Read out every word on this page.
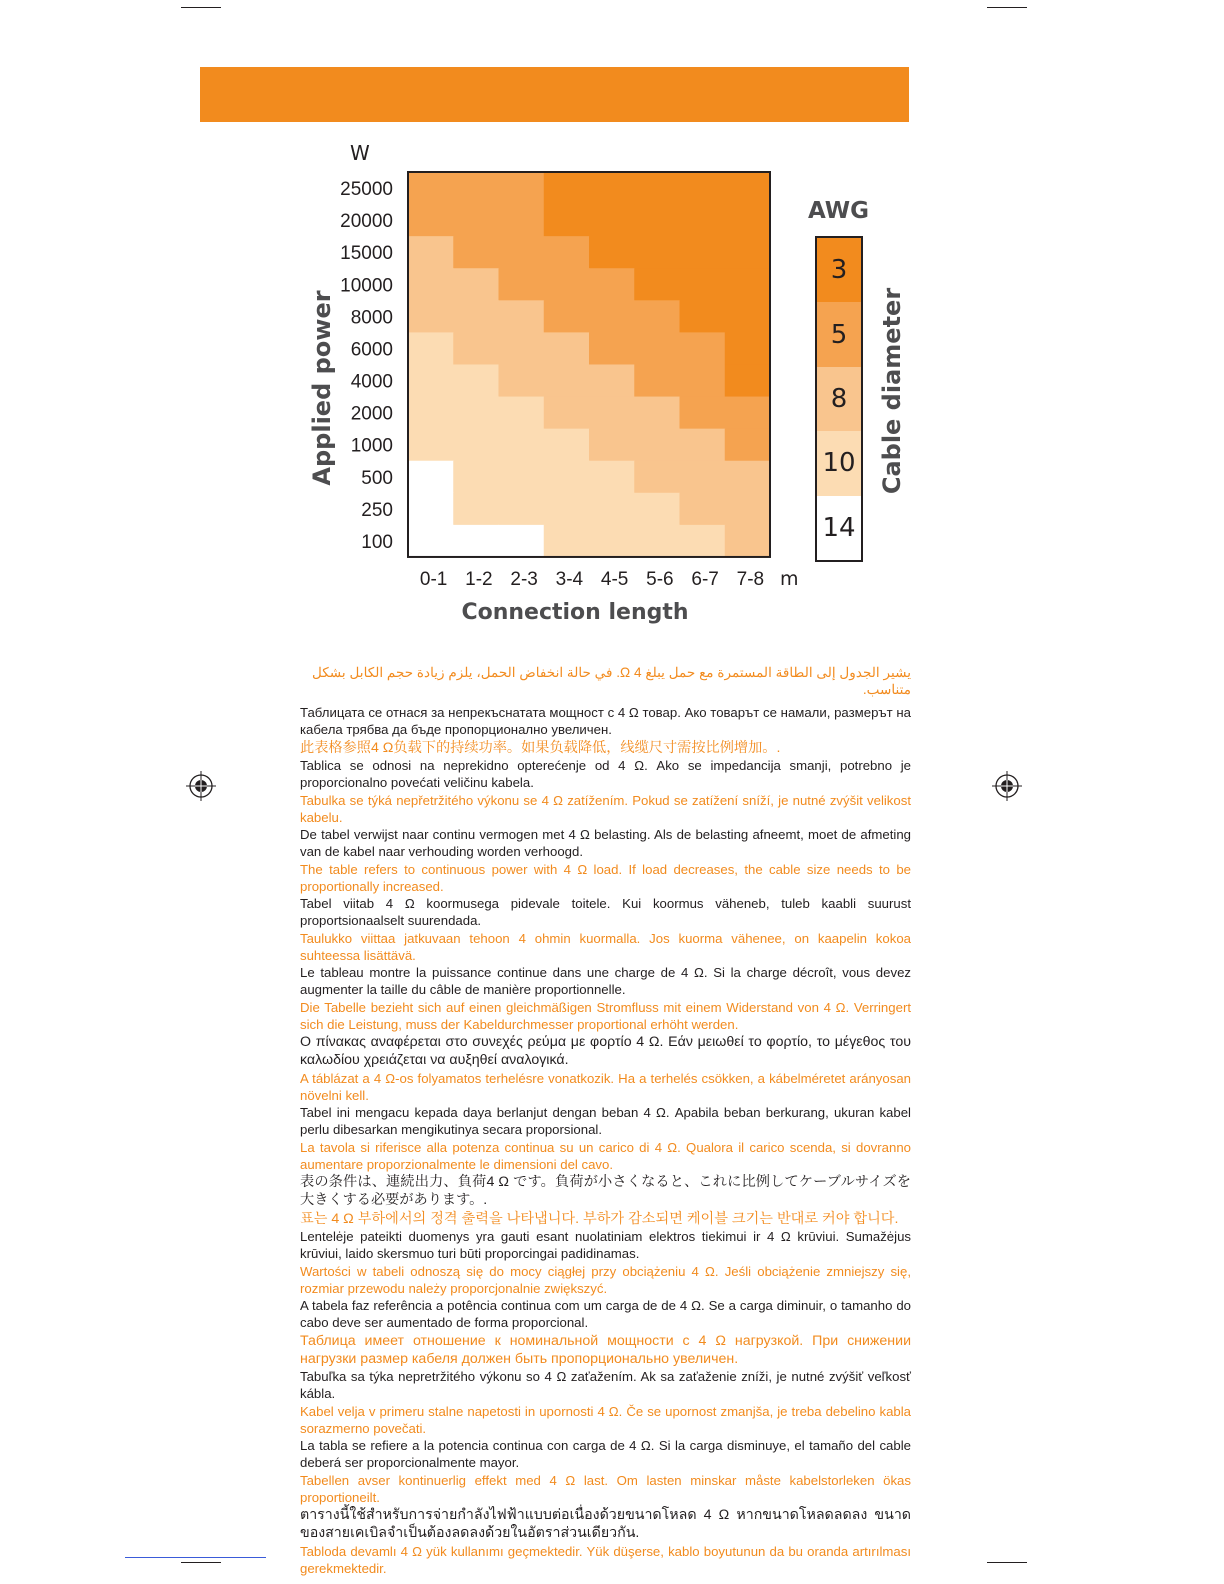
W
m
25000
20000
15000
10000
8000
6000
4000
2000
1000
500
250
100
0-1 1-2 2-3 3-4 4-5 5-6 6-7 7-8
Applied power
Connection length
AWG
Cable diameter
3
5
8
10
14

يشير الجدول إلى الطاقة المستمرة مع حمل يبلغ 4 Ω. في حالة انخفاض الحمل، يلزم زيادة حجم الكابل بشكل متناسب.

Таблицата се отнася за непрекъснатата мощност с 4 Ω товар. Ако товарът се намали, размерът на кабела трябва да бъде пропорционално увеличен.

此表格参照4 Ω负载下的持续功率。如果负载降低，线缆尺寸需按比例增加。.

Tablica se odnosi na neprekidno opterećenje od 4 Ω. Ako se impedancija smanji, potrebno je proporcionalno povećati veličinu kabela.

Tabulka se týká nepřetržitého výkonu se 4 Ω zatížením. Pokud se zatížení sníží, je nutné zvýšit velikost kabelu.

De tabel verwijst naar continu vermogen met 4 Ω belasting. Als de belasting afneemt, moet de afmeting van de kabel naar verhouding worden verhoogd.

The table refers to continuous power with 4 Ω load. If load decreases, the cable size needs to be proportionally increased.

Tabel viitab 4 Ω koormusega pidevale toitele. Kui koormus väheneb, tuleb kaabli suurust proportsionaalselt suurendada.

Taulukko viittaa jatkuvaan tehoon 4 ohmin kuormalla. Jos kuorma vähenee, on kaapelin kokoa suhteessa lisättävä.

Le tableau montre la puissance continue dans une charge de 4 Ω. Si la charge décroît, vous devez augmenter la taille du câble de manière proportionnelle.

Die Tabelle bezieht sich auf einen gleichmäßigen Stromfluss mit einem Widerstand von 4 Ω. Verringert sich die Leistung, muss der Kabeldurchmesser proportional erhöht werden.

Ο πίνακας αναφέρεται στο συνεχές ρεύμα με φορτίο 4 Ω. Εάν μειωθεί το φορτίο, το μέγεθος του καλωδίου χρειάζεται να αυξηθεί αναλογικά.

A táblázat a 4 Ω-os folyamatos terhelésre vonatkozik. Ha a terhelés csökken, a kábelméretet arányosan növelni kell.

Tabel ini mengacu kepada daya berlanjut dengan beban 4 Ω. Apabila beban berkurang, ukuran kabel perlu dibesarkan mengikutinya secara proporsional.

La tavola si riferisce alla potenza continua su un carico di 4 Ω. Qualora il carico scenda, si dovranno aumentare proporzionalmente le dimensioni del cavo.

表の条件は、連続出力、負荷4 Ω です。負荷が小さくなると、これに比例してケーブルサイズを大きくする必要があります。.

표는 4 Ω 부하에서의 정격 출력을 나타냅니다. 부하가 감소되면 케이블 크기는 반대로 커야 합니다.

Lentelėje pateikti duomenys yra gauti esant nuolatiniam elektros tiekimui ir 4 Ω krūviui. Sumažėjus krūviui, laido skersmuo turi būti proporcingai padidinamas.

Wartości w tabeli odnoszą się do mocy ciągłej przy obciążeniu 4 Ω. Jeśli obciążenie zmniejszy się, rozmiar przewodu należy proporcjonalnie zwiększyć.

A tabela faz referência a potência continua com um carga de de 4 Ω. Se a carga diminuir, o tamanho do cabo deve ser aumentado de forma proporcional.

Таблица имеет отношение к номинальной мощности с 4 Ω нагрузкой. При снижении нагрузки размер кабеля должен быть пропорционально увеличен.

Tabuľka sa týka nepretržitého výkonu so 4 Ω zaťažením. Ak sa zaťaženie zníži, je nutné zvýšiť veľkosť kábla.

Kabel velja v primeru stalne napetosti in upornosti 4 Ω. Če se upornost zmanjša, je treba debelino kabla sorazmerno povečati.

La tabla se refiere a la potencia continua con carga de 4 Ω. Si la carga disminuye, el tamaño del cable deberá ser proporcionalmente mayor.

Tabellen avser kontinuerlig effekt med 4 Ω last. Om lasten minskar måste kabelstorleken ökas proportioneilt.

ตารางนี้ใช้สำหรับการจ่ายกำลังไฟฟ้าแบบต่อเนื่องด้วยขนาดโหลด 4 Ω หากขนาดโหลดลดลง ขนาดของสายเคเบิลจำเป็นต้องลดลงด้วยในอัตราส่วนเดียวกัน.

Tabloda devamlı 4 Ω yük kullanımı geçmektedir. Yük düşerse, kablo boyutunun da bu oranda artırılması gerekmektedir.
